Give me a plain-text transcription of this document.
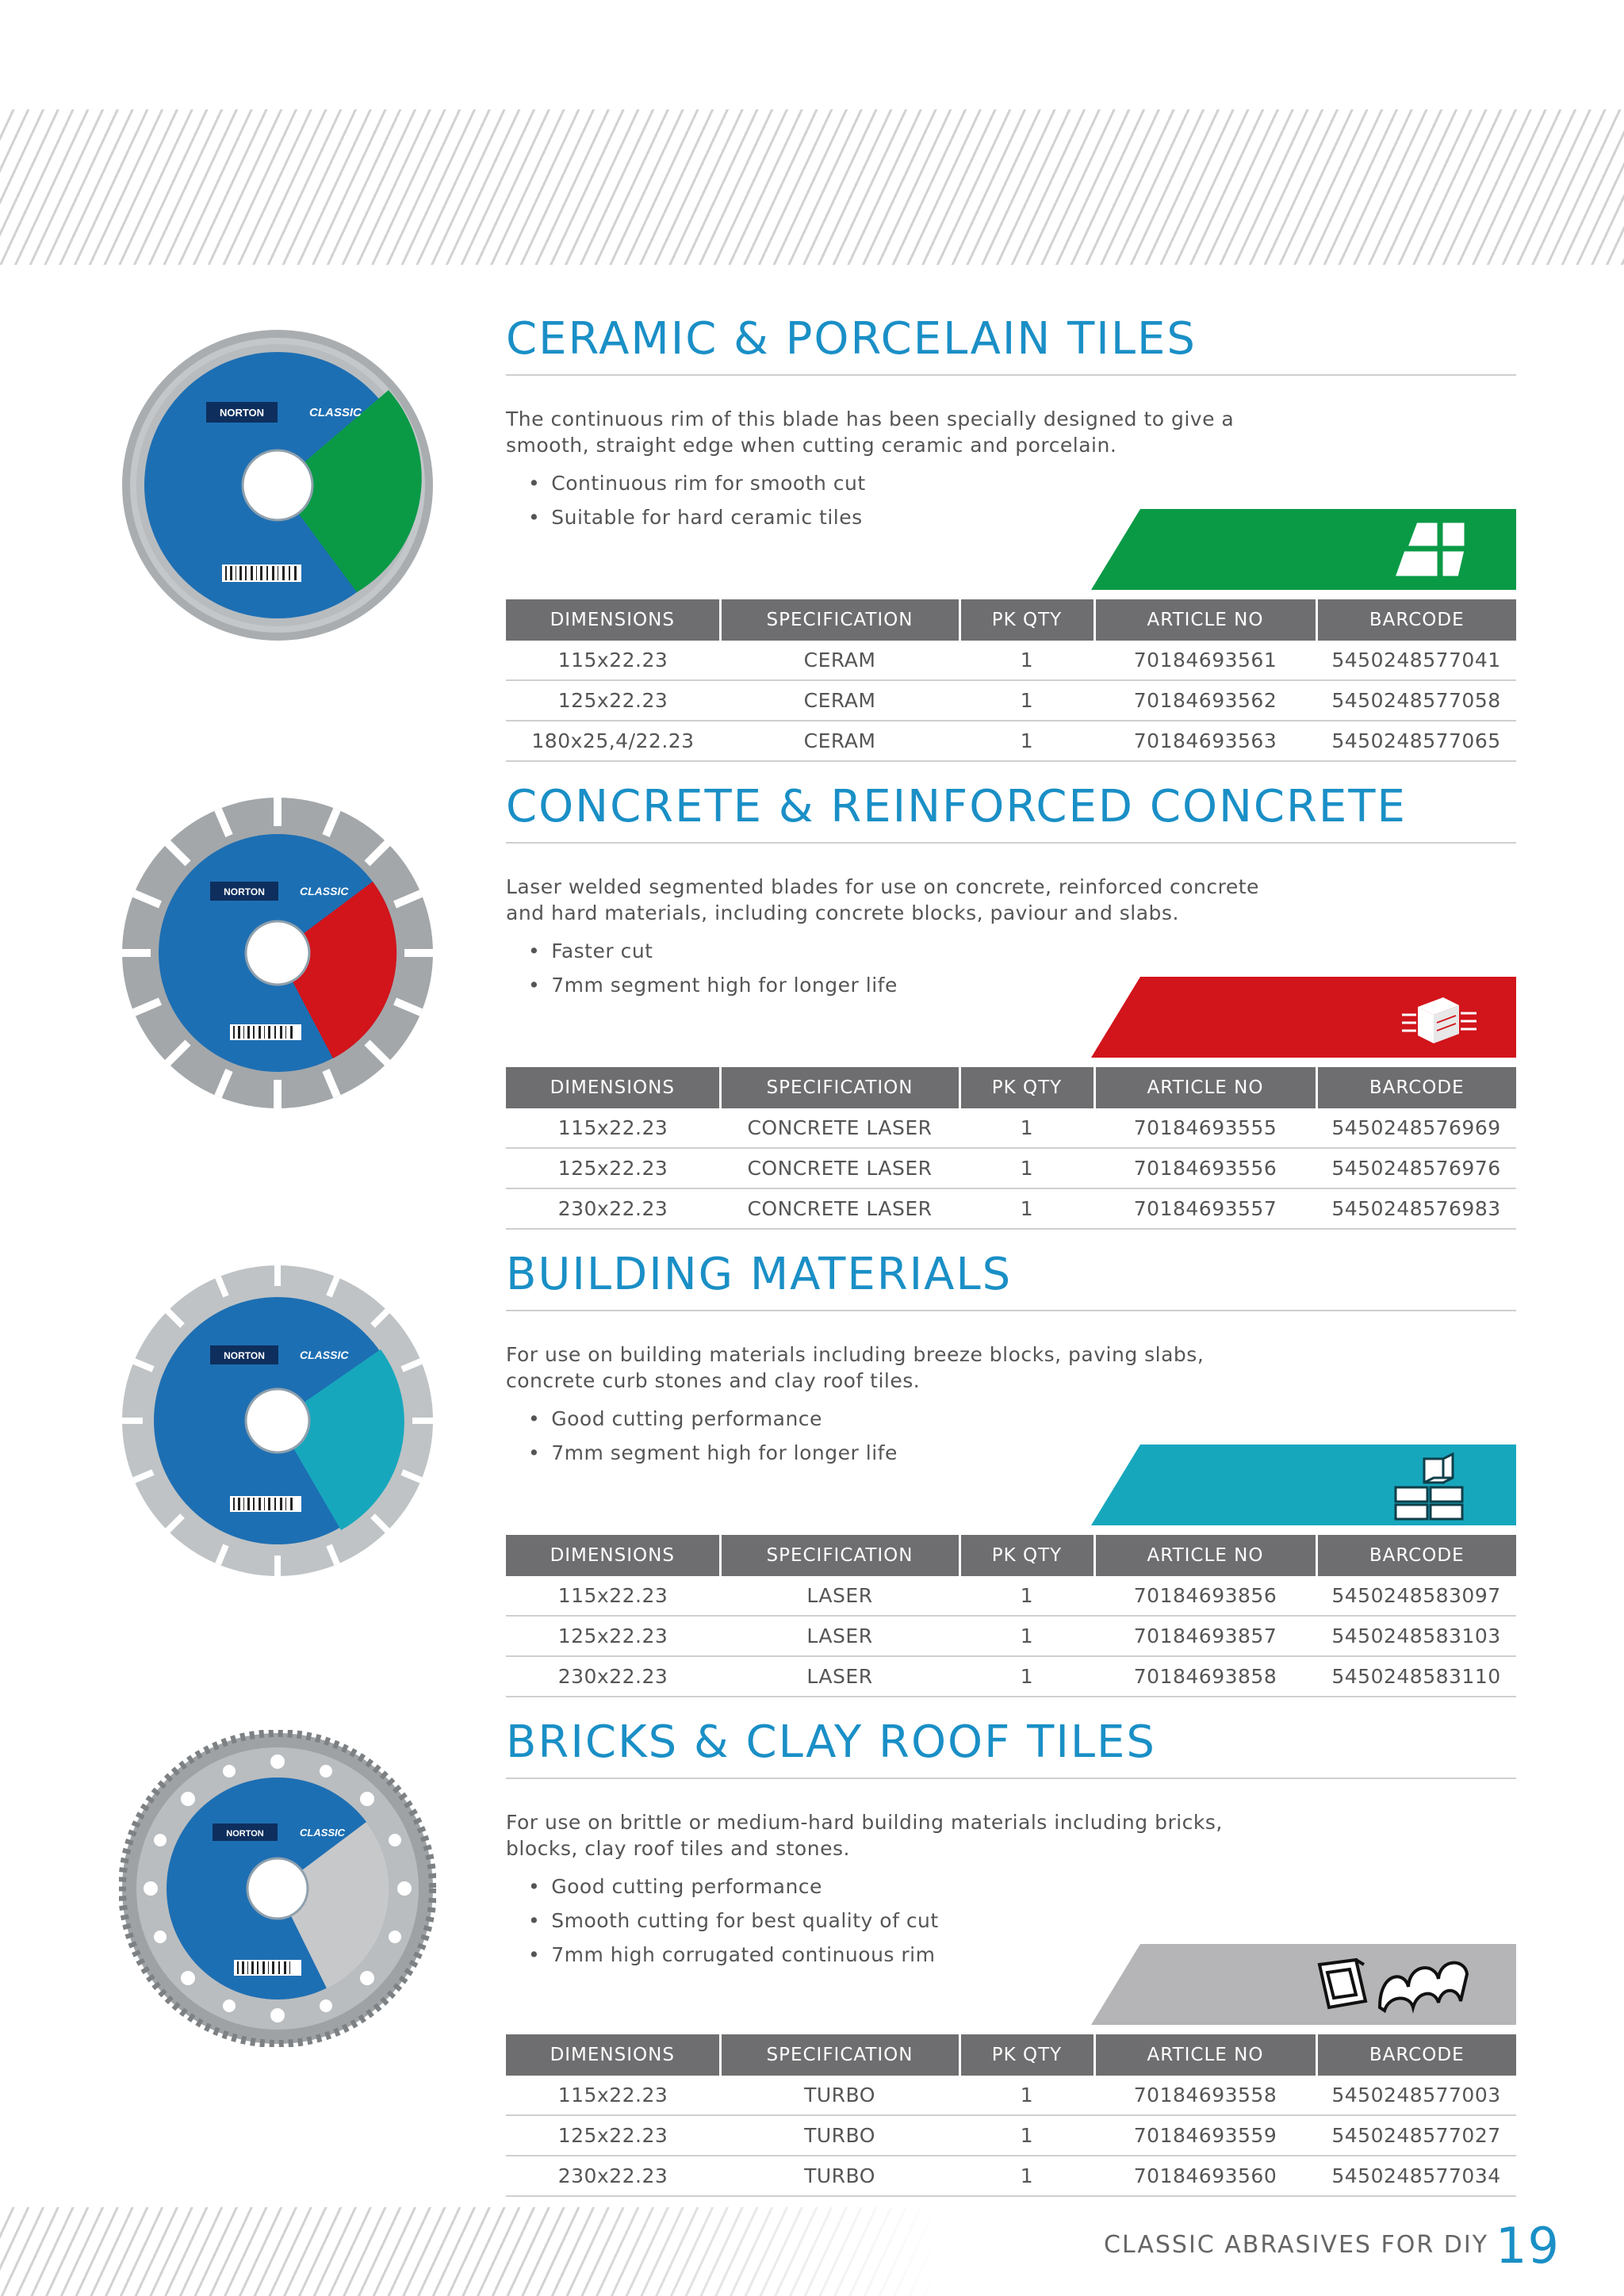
NORTON	CLASSIC
CERAMIC & PORCELAIN TILES
The continuous rim of this blade has been specially designed to give a smooth, straight edge when cutting ceramic and porcelain.
• Continuous rim for smooth cut
• Suitable for hard ceramic tiles
DIMENSIONS	SPECIFICATION	PK QTY	ARTICLE NO	BARCODE
115x22.23	CERAM	1	70184693561	5450248577041
125x22.23	CERAM	1	70184693562	5450248577058
180x25,4/22.23	CERAM	1	70184693563	5450248577065
NORTON	CLASSIC
CONCRETE & REINFORCED CONCRETE
Laser welded segmented blades for use on concrete, reinforced concrete and hard materials, including concrete blocks, paviour and slabs.
• Faster cut
• 7mm segment high for longer life
DIMENSIONS	SPECIFICATION	PK QTY	ARTICLE NO	BARCODE
115x22.23	CONCRETE LASER	1	70184693555	5450248576969
125x22.23	CONCRETE LASER	1	70184693556	5450248576976
230x22.23	CONCRETE LASER	1	70184693557	5450248576983
NORTON	CLASSIC
BUILDING MATERIALS
For use on building materials including breeze blocks, paving slabs, concrete curb stones and clay roof tiles.
• Good cutting performance
• 7mm segment high for longer life
DIMENSIONS	SPECIFICATION	PK QTY	ARTICLE NO	BARCODE
115x22.23	LASER	1	70184693856	5450248583097
125x22.23	LASER	1	70184693857	5450248583103
230x22.23	LASER	1	70184693858	5450248583110
NORTON	CLASSIC
BRICKS & CLAY ROOF TILES
For use on brittle or medium-hard building materials including bricks, blocks, clay roof tiles and stones.
• Good cutting performance
• Smooth cutting for best quality of cut
• 7mm high corrugated continuous rim
DIMENSIONS	SPECIFICATION	PK QTY	ARTICLE NO	BARCODE
115x22.23	TURBO	1	70184693558	5450248577003
125x22.23	TURBO	1	70184693559	5450248577027
230x22.23	TURBO	1	70184693560	5450248577034
CLASSIC ABRASIVES FOR DIY 19
